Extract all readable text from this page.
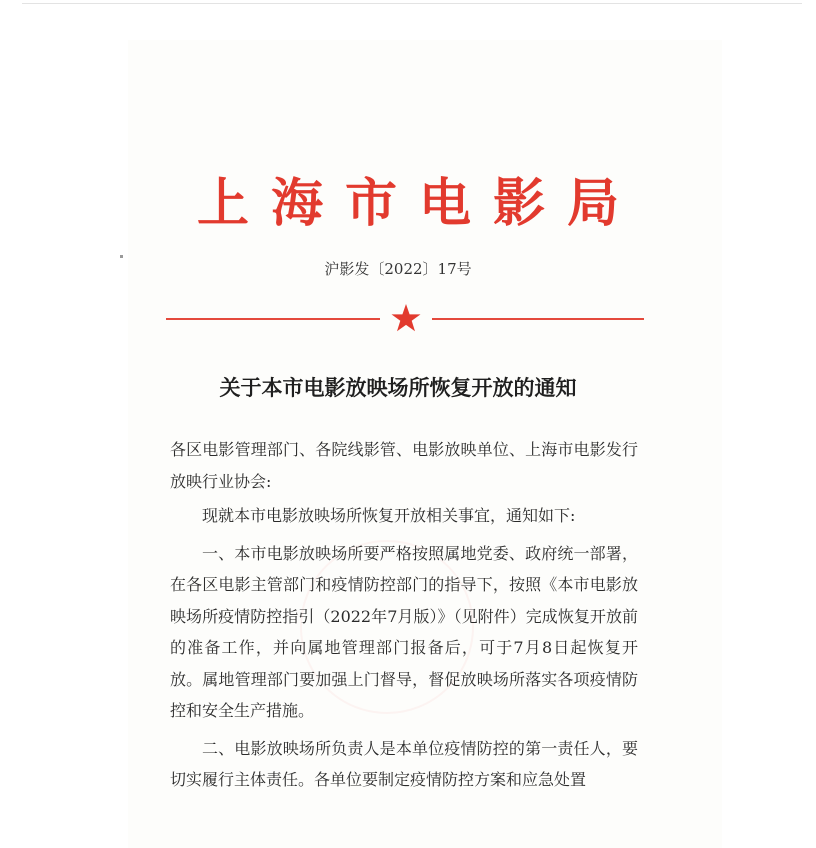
上海市电影局
沪影发〔2022〕17号
关于本市电影放映场所恢复开放的通知

各区电影管理部门、各院线影管、电影放映单位、上海市电影发行放映行业协会:

现就本市电影放映场所恢复开放相关事宜，通知如下:

一、本市电影放映场所要严格按照属地党委、政府统一部署，在各区电影主管部门和疫情防控部门的指导下，按照《本市电影放映场所疫情防控指引（2022年7月版）》（见附件）完成恢复开放前的准备工作，并向属地管理部门报备后，可于7月8日起恢复开放。属地管理部门要加强上门督导，督促放映场所落实各项疫情防控和安全生产措施。

二、电影放映场所负责人是本单位疫情防控的第一责任人，要切实履行主体责任。各单位要制定疫情防控方案和应急处置
